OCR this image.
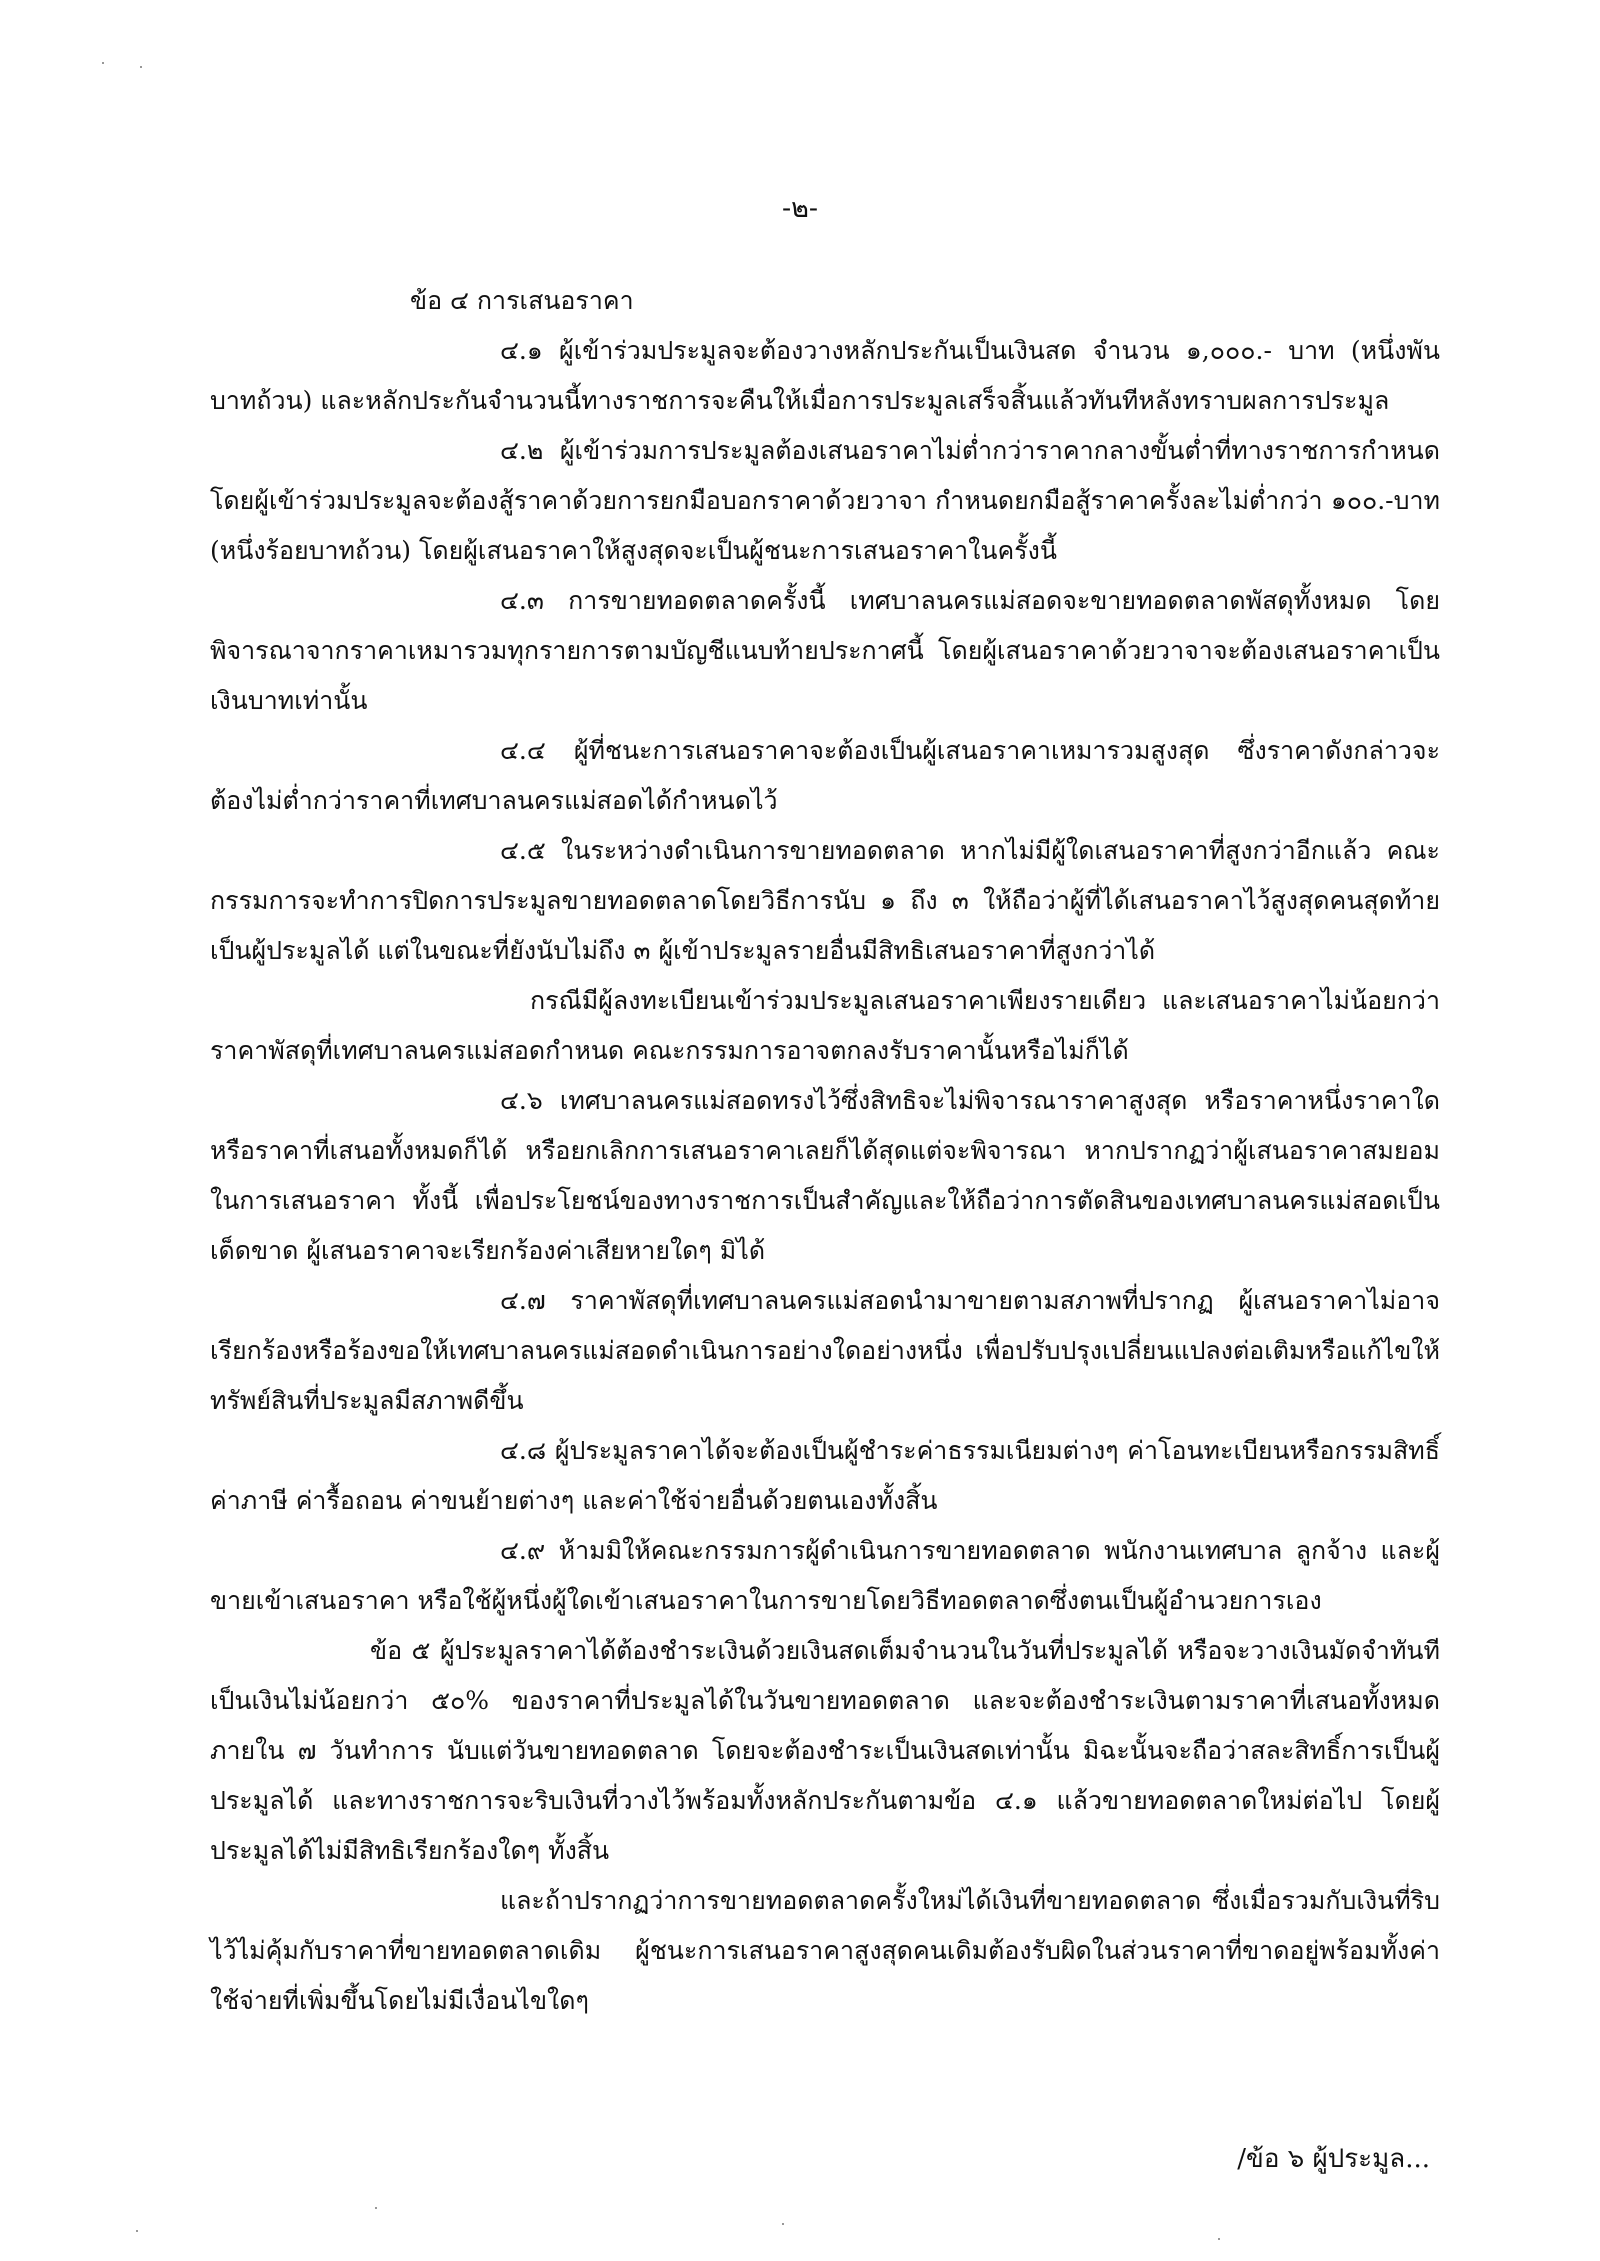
-๒-

ข้อ ๔ การเสนอราคา

๔.๑ ผู้เข้าร่วมประมูลจะต้องวางหลักประกันเป็นเงินสด จำนวน ๑,๐๐๐.- บาท (หนึ่งพันบาทถ้วน) และหลักประกันจำนวนนี้ทางราชการจะคืนให้เมื่อการประมูลเสร็จสิ้นแล้วทันทีหลังทราบผลการประมูล

๔.๒ ผู้เข้าร่วมการประมูลต้องเสนอราคาไม่ต่ำกว่าราคากลางขั้นต่ำที่ทางราชการกำหนด โดยผู้เข้าร่วมประมูลจะต้องสู้ราคาด้วยการยกมือบอกราคาด้วยวาจา กำหนดยกมือสู้ราคาครั้งละไม่ต่ำกว่า ๑๐๐.-บาท (หนึ่งร้อยบาทถ้วน) โดยผู้เสนอราคาให้สูงสุดจะเป็นผู้ชนะการเสนอราคาในครั้งนี้

๔.๓ การขายทอดตลาดครั้งนี้ เทศบาลนครแม่สอดจะขายทอดตลาดพัสดุทั้งหมด โดยพิจารณาจากราคาเหมารวมทุกรายการตามบัญชีแนบท้ายประกาศนี้ โดยผู้เสนอราคาด้วยวาจาจะต้องเสนอราคาเป็นเงินบาทเท่านั้น

๔.๔ ผู้ที่ชนะการเสนอราคาจะต้องเป็นผู้เสนอราคาเหมารวมสูงสุด ซึ่งราคาดังกล่าวจะต้องไม่ต่ำกว่าราคาที่เทศบาลนครแม่สอดได้กำหนดไว้

๔.๕ ในระหว่างดำเนินการขายทอดตลาด หากไม่มีผู้ใดเสนอราคาที่สูงกว่าอีกแล้ว คณะกรรมการจะทำการปิดการประมูลขายทอดตลาดโดยวิธีการนับ ๑ ถึง ๓ ให้ถือว่าผู้ที่ได้เสนอราคาไว้สูงสุดคนสุดท้ายเป็นผู้ประมูลได้ แต่ในขณะที่ยังนับไม่ถึง ๓ ผู้เข้าประมูลรายอื่นมีสิทธิเสนอราคาที่สูงกว่าได้

กรณีมีผู้ลงทะเบียนเข้าร่วมประมูลเสนอราคาเพียงรายเดียว และเสนอราคาไม่น้อยกว่าราคาพัสดุที่เทศบาลนครแม่สอดกำหนด คณะกรรมการอาจตกลงรับราคานั้นหรือไม่ก็ได้

๔.๖ เทศบาลนครแม่สอดทรงไว้ซึ่งสิทธิจะไม่พิจารณาราคาสูงสุด หรือราคาหนึ่งราคาใดหรือราคาที่เสนอทั้งหมดก็ได้ หรือยกเลิกการเสนอราคาเลยก็ได้สุดแต่จะพิจารณา หากปรากฏว่าผู้เสนอราคาสมยอมในการเสนอราคา ทั้งนี้ เพื่อประโยชน์ของทางราชการเป็นสำคัญและให้ถือว่าการตัดสินของเทศบาลนครแม่สอดเป็นเด็ดขาด ผู้เสนอราคาจะเรียกร้องค่าเสียหายใดๆ มิได้

๔.๗ ราคาพัสดุที่เทศบาลนครแม่สอดนำมาขายตามสภาพที่ปรากฏ ผู้เสนอราคาไม่อาจเรียกร้องหรือร้องขอให้เทศบาลนครแม่สอดดำเนินการอย่างใดอย่างหนึ่ง เพื่อปรับปรุงเปลี่ยนแปลงต่อเติมหรือแก้ไขให้ทรัพย์สินที่ประมูลมีสภาพดีขึ้น

๔.๘ ผู้ประมูลราคาได้จะต้องเป็นผู้ชำระค่าธรรมเนียมต่างๆ ค่าโอนทะเบียนหรือกรรมสิทธิ์ ค่าภาษี ค่ารื้อถอน ค่าขนย้ายต่างๆ และค่าใช้จ่ายอื่นด้วยตนเองทั้งสิ้น

๔.๙ ห้ามมิให้คณะกรรมการผู้ดำเนินการขายทอดตลาด พนักงานเทศบาล ลูกจ้าง และผู้ขายเข้าเสนอราคา หรือใช้ผู้หนึ่งผู้ใดเข้าเสนอราคาในการขายโดยวิธีทอดตลาดซึ่งตนเป็นผู้อำนวยการเอง

ข้อ ๕ ผู้ประมูลราคาได้ต้องชำระเงินด้วยเงินสดเต็มจำนวนในวันที่ประมูลได้ หรือจะวางเงินมัดจำทันทีเป็นเงินไม่น้อยกว่า ๕๐% ของราคาที่ประมูลได้ในวันขายทอดตลาด และจะต้องชำระเงินตามราคาที่เสนอทั้งหมดภายใน ๗ วันทำการ นับแต่วันขายทอดตลาด โดยจะต้องชำระเป็นเงินสดเท่านั้น มิฉะนั้นจะถือว่าสละสิทธิ์การเป็นผู้ประมูลได้ และทางราชการจะริบเงินที่วางไว้พร้อมทั้งหลักประกันตามข้อ ๔.๑ แล้วขายทอดตลาดใหม่ต่อไป โดยผู้ประมูลได้ไม่มีสิทธิเรียกร้องใดๆ ทั้งสิ้น

และถ้าปรากฏว่าการขายทอดตลาดครั้งใหม่ได้เงินที่ขายทอดตลาด ซึ่งเมื่อรวมกับเงินที่ริบไว้ไม่คุ้มกับราคาที่ขายทอดตลาดเดิม ผู้ชนะการเสนอราคาสูงสุดคนเดิมต้องรับผิดในส่วนราคาที่ขาดอยู่พร้อมทั้งค่าใช้จ่ายที่เพิ่มขึ้นโดยไม่มีเงื่อนไขใดๆ

/ข้อ ๖ ผู้ประมูล...
